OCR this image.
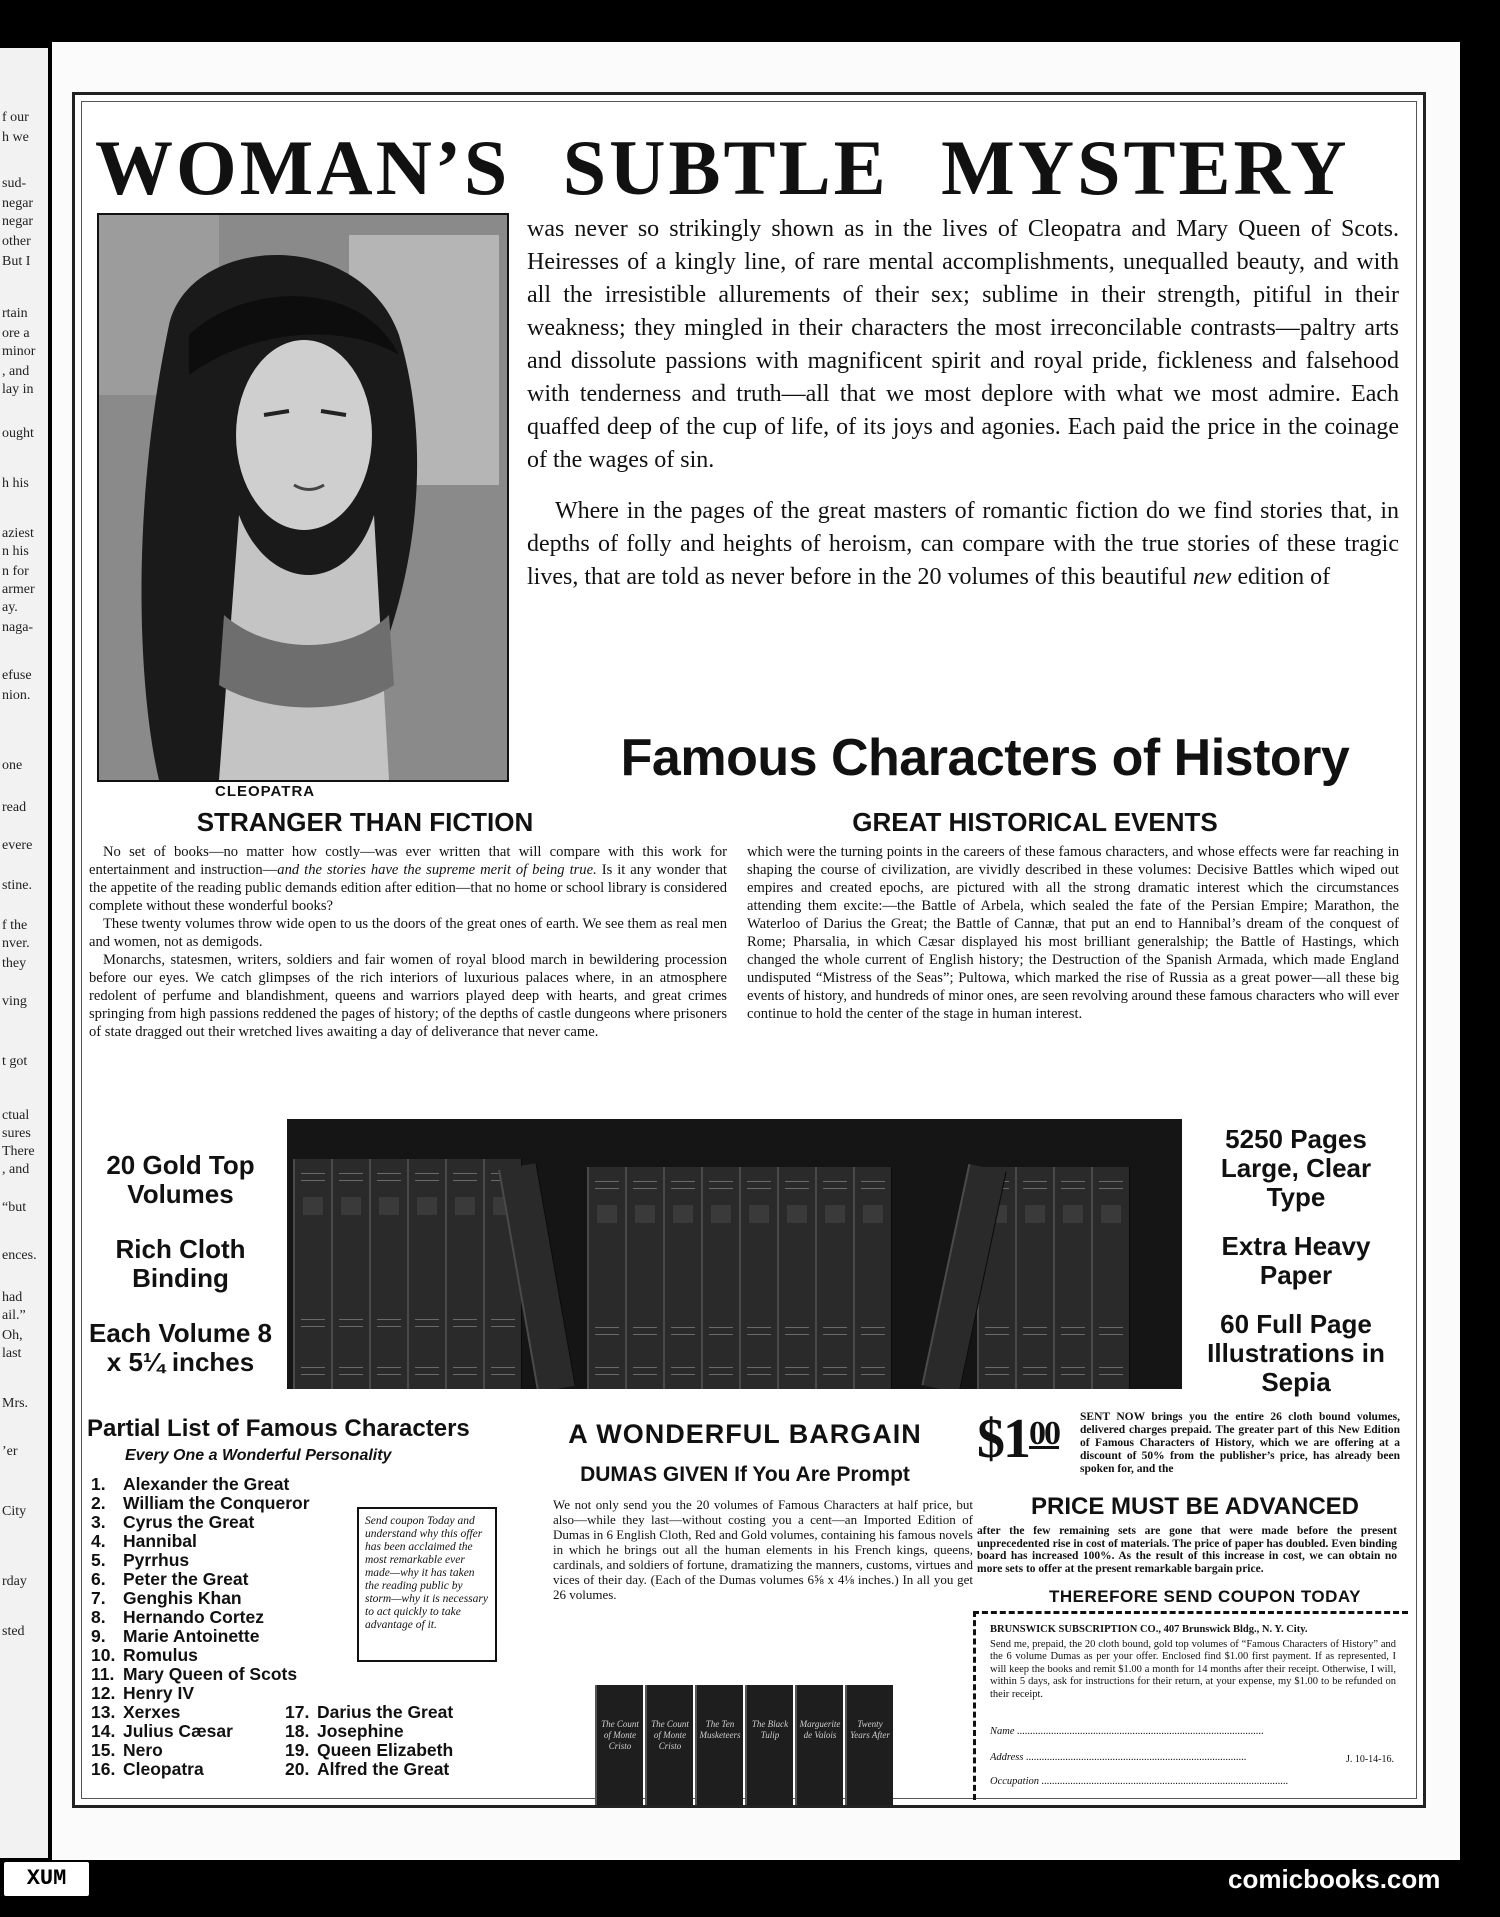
f our
h we
sud-
negar
negar
other
But I
rtain
ore a
minor
, and
lay in
ought
h his
aziest
n his
n for
armer
ay.
naga-
efuse
nion.
one
read
evere
stine.
f the
nver.
they
ving
t got
ctual
sures
There
, and
“but
ences.
had
ail.”
Oh,
last
Mrs.
’er
City
rday
sted
WOMAN’S SUBTLE MYSTERY
CLEOPATRA

was never so strikingly shown as in the lives of Cleopatra and Mary Queen of Scots. Heiresses of a kingly line, of rare mental accomplishments, unequalled beauty, and with all the irresistible allurements of their sex; sublime in their strength, pitiful in their weakness; they mingled in their characters the most irreconcilable contrasts—paltry arts and dissolute passions with magnificent spirit and royal pride, fickleness and falsehood with tenderness and truth—all that we most deplore with what we most admire. Each quaffed deep of the cup of life, of its joys and agonies. Each paid the price in the coinage of the wages of sin.

Where in the pages of the great masters of romantic fiction do we find stories that, in depths of folly and heights of heroism, can compare with the true stories of these tragic lives, that are told as never before in the 20 volumes of this beautiful new edition of

Famous Characters of History
STRANGER THAN FICTION

No set of books—no matter how costly—was ever written that will compare with this work for entertainment and instruction—and the stories have the supreme merit of being true. Is it any wonder that the appetite of the reading public demands edition after edition—that no home or school library is considered complete without these wonderful books?

These twenty volumes throw wide open to us the doors of the great ones of earth. We see them as real men and women, not as demigods.

Monarchs, statesmen, writers, soldiers and fair women of royal blood march in bewildering procession before our eyes. We catch glimpses of the rich interiors of luxurious palaces where, in an atmosphere redolent of perfume and blandishment, queens and warriors played deep with hearts, and great crimes springing from high passions reddened the pages of history; of the depths of castle dungeons where prisoners of state dragged out their wretched lives awaiting a day of deliverance that never came.

GREAT HISTORICAL EVENTS
which were the turning points in the careers of these famous characters, and whose effects were far reaching in shaping the course of civilization, are vividly described in these volumes: Decisive Battles which wiped out empires and created epochs, are pictured with all the strong dramatic interest which the circumstances attending them excite:—the Battle of Arbela, which sealed the fate of the Persian Empire; Marathon, the Waterloo of Darius the Great; the Battle of Cannæ, that put an end to Hannibal’s dream of the conquest of Rome; Pharsalia, in which Cæsar displayed his most brilliant generalship; the Battle of Hastings, which changed the whole current of English history; the Destruction of the Spanish Armada, which made England undisputed “Mistress of the Seas”; Pultowa, which marked the rise of Russia as a great power—all these big events of history, and hundreds of minor ones, are seen revolving around these famous characters who will ever continue to hold the center of the stage in human interest.
20 Gold Top Volumes
Rich Cloth Binding
Each Volume 8 x 5¼ inches
5250 Pages Large, Clear Type
Extra Heavy Paper
60 Full Page Illustrations in Sepia
Partial List of Famous Characters
Every One a Wonderful Personality
1. Alexander the Great
2. William the Conqueror
3. Cyrus the Great
4. Hannibal
5. Pyrrhus
6. Peter the Great
7. Genghis Khan
8. Hernando Cortez
9. Marie Antoinette
10. Romulus
11. Mary Queen of Scots
12. Henry IV
13. Xerxes
14. Julius Cæsar
15. Nero
16. Cleopatra
17. Darius the Great
18. Josephine
19. Queen Elizabeth
20. Alfred the Great
Send coupon Today and understand why this offer has been acclaimed the most remarkable ever made—why it has taken the reading public by storm—why it is necessary to act quickly to take advantage of it.
A WONDERFUL BARGAIN
DUMAS GIVEN If You Are Prompt
We not only send you the 20 volumes of Famous Characters at half price, but also—while they last—without costing you a cent—an Imported Edition of Dumas in 6 English Cloth, Red and Gold volumes, containing his famous novels in which he brings out all the human elements in his French kings, queens, cardinals, and soldiers of fortune, dramatizing the manners, customs, virtues and vices of their day. (Each of the Dumas volumes 6⅝ x 4⅛ inches.) In all you get 26 volumes.
The Count of Monte Cristo
The Count of Monte Cristo
The Ten Musketeers
The Black Tulip
Marguerite de Valois
Twenty Years After
$\$1^{00}$ SENT NOW brings you the entire 26 cloth bound volumes, delivered charges prepaid. The greater part of this New Edition of Famous Characters of History, which we are offering at a discount of 50% from the publisher’s price, has already been spoken for, and the
PRICE MUST BE ADVANCED
after the few remaining sets are gone that were made before the present unprecedented rise in cost of materials. The price of paper has doubled. Even binding board has increased 100%. As the result of this increase in cost, we can obtain no more sets to offer at the present remarkable bargain price.
THEREFORE SEND COUPON TODAY
BRUNSWICK SUBSCRIPTION CO., 407 Brunswick Bldg., N. Y. City.
Send me, prepaid, the 20 cloth bound, gold top volumes of “Famous Characters of History” and the 6 volume Dumas as per your offer. Enclosed find $1.00 first payment. If as represented, I will keep the books and remit $1.00 a month for 14 months after their receipt. Otherwise, I will, within 5 days, ask for instructions for their return, at your expense, my $1.00 to be refunded on their receipt.
Name ..............................................................................................
Address ....................................................................................	J. 10-14-16.
Occupation ..............................................................................................
XUM	comicbooks.com
